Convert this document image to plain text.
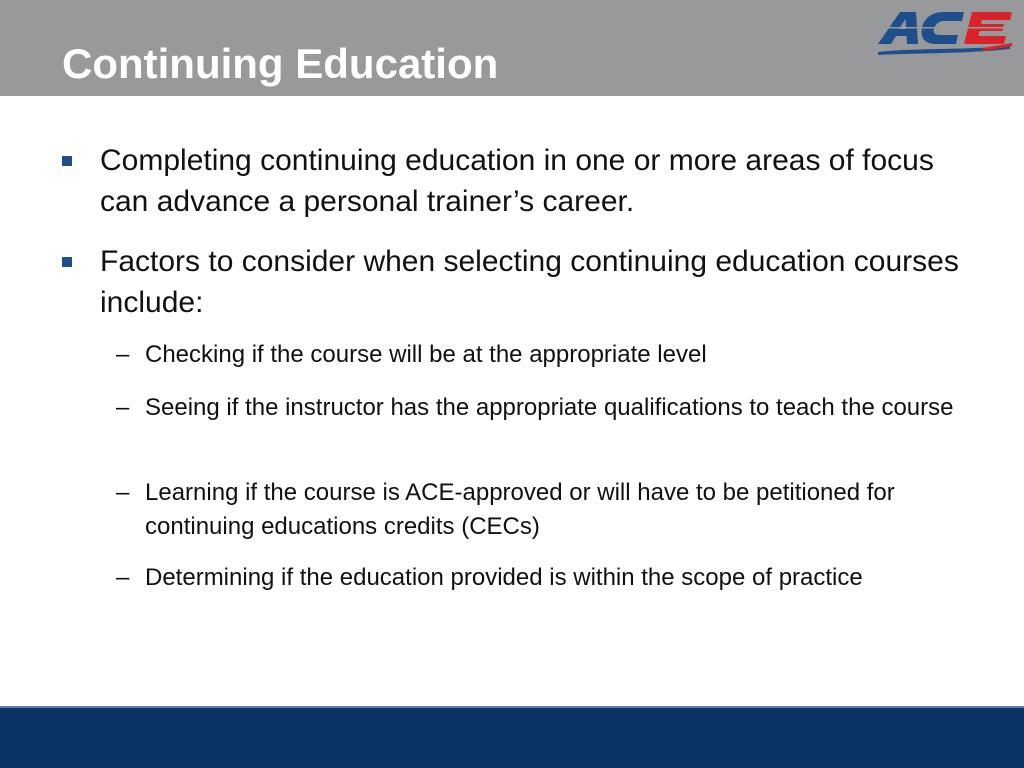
Continuing Education
Completing continuing education in one or more areas of focus can advance a personal trainer’s career.
Factors to consider when selecting continuing education courses include:
– Checking if the course will be at the appropriate level
– Seeing if the instructor has the appropriate qualifications to teach the course
– Learning if the course is ACE-approved or will have to be petitioned for continuing educations credits (CECs)
– Determining if the education provided is within the scope of practice
